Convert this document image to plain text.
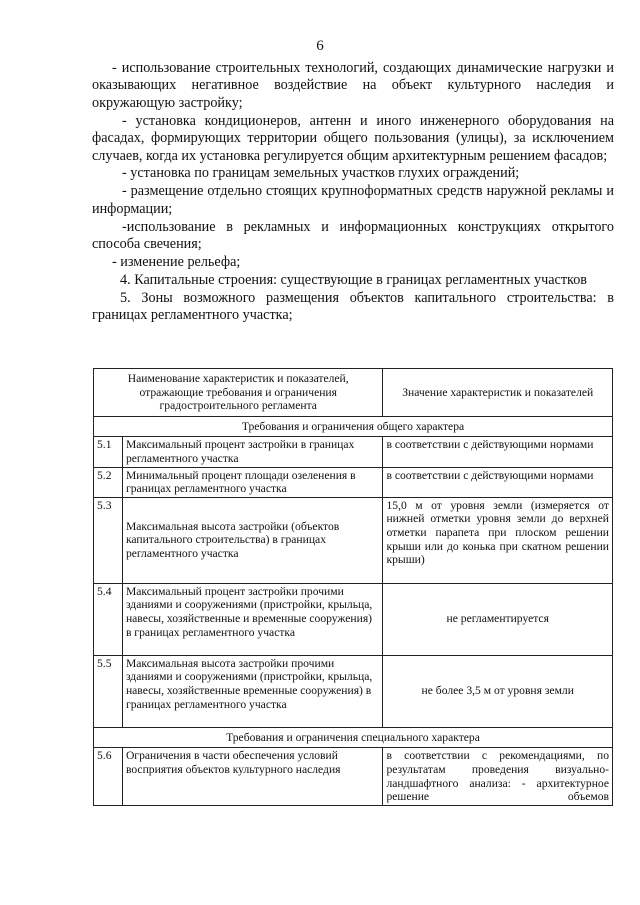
6

- использование строительных технологий, создающих динамические нагрузки и оказывающих негативное воздействие на объект культурного наследия и окружающую застройку;

- установка кондиционеров, антенн и иного инженерного оборудования на фасадах, формирующих территории общего пользования (улицы), за исключением случаев, когда их установка регулируется общим архитектурным решением фасадов;

- установка по границам земельных участков глухих ограждений;

- размещение отдельно стоящих крупноформатных средств наружной рекламы и информации;

-использование в рекламных и информационных конструкциях открытого способа свечения;

- изменение рельефа;

4. Капитальные строения: существующие в границах регламентных участков

5. Зоны возможного размещения объектов капитального строительства: в границах регламентного участка;

Наименование характеристик и показателей, отражающие требования и ограничения градостроительного регламента		Значение характеристик и показателей
Требования и ограничения общего характера		
5.1	Максимальный процент застройки в границах регламентного участка	в соответствии с действующими нормами
5.2	Минимальный процент площади озеленения в границах регламентного участка	в соответствии с действующими нормами
5.3	Максимальная высота застройки (объектов капитального строительства) в границах регламентного участка	15,0 м от уровня земли (измеряется от нижней отметки уровня земли до верхней отметки парапета при плоском решении крыши или до конька при скатном решении крыши)
5.4	Максимальный процент застройки прочими зданиями и сооружениями (пристройки, крыльца, навесы, хозяйственные и временные сооружения) в границах регламентного участка	не регламентируется
5.5	Максимальная высота застройки прочими зданиями и сооружениями (пристройки, крыльца, навесы, хозяйственные временные сооружения) в границах регламентного участка	не более 3,5 м от уровня земли
Требования и ограничения специального характера		
5.6	Ограничения в части обеспечения условий восприятия объектов культурного наследия	в соответствии с рекомендациями, по результатам проведения визуально-ландшафтного анализа: - архитектурное решение объемов
